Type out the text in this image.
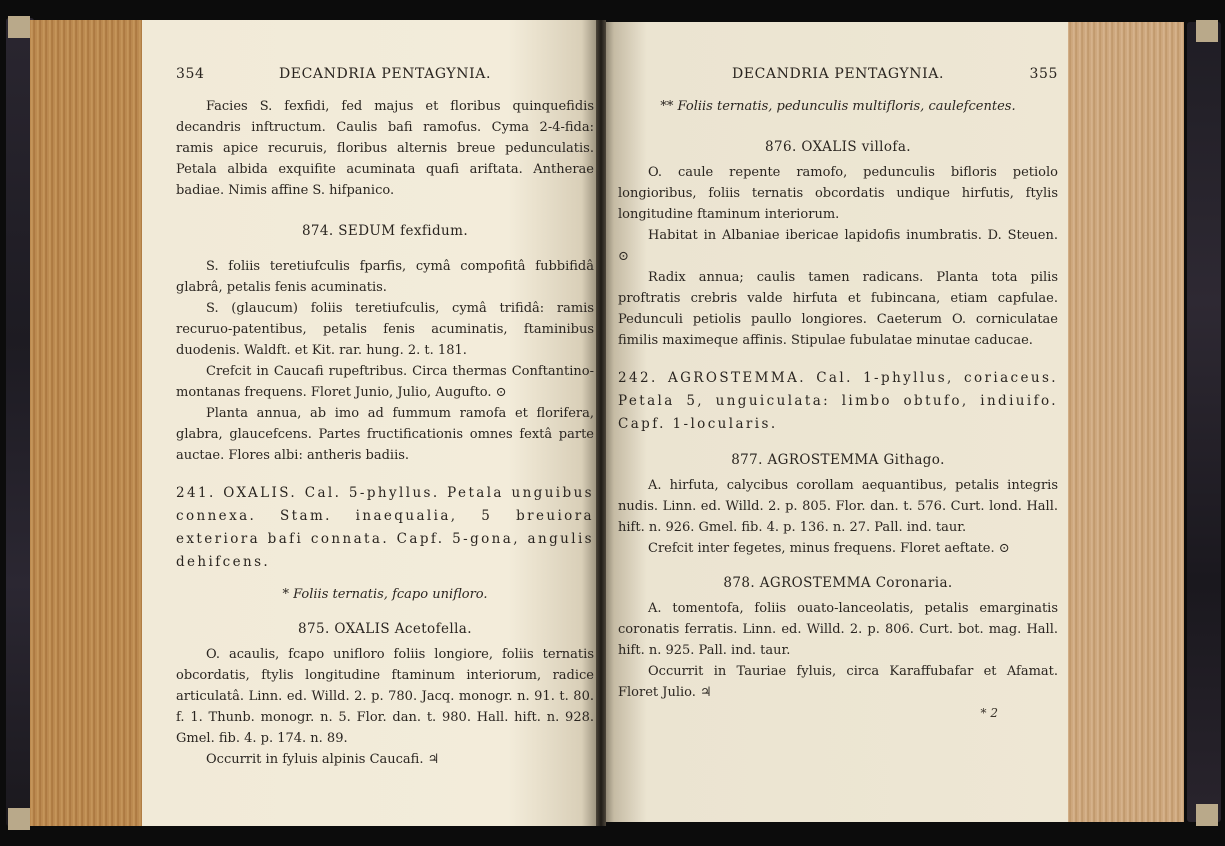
354	DECANDRIA PENTAGYNIA.

Facies S. fexfidi, fed majus et floribus quinquefidis decandris inftructum. Caulis bafi ramofus. Cyma 2-4-fida: ramis apice recuruis, floribus alternis breue pedunculatis. Petala albida exquifite acuminata quafi ariftata. Antherae badiae. Nimis affine S. hifpanico.

874. SEDUM fexfidum.

S. foliis teretiufculis fparfis, cymâ compofitâ fubbifidâ glabrâ, petalis fenis acuminatis.

S. (glaucum) foliis teretiufculis, cymâ trifidâ: ramis recuruo-patentibus, petalis fenis acuminatis, ftaminibus duodenis. Waldft. et Kit. rar. hung. 2. t. 181.

Crefcit in Caucafi rupeftribus. Circa thermas Conftantino-montanas frequens. Floret Junio, Julio, Augufto. ⊙

Planta annua, ab imo ad fummum ramofa et florifera, glabra, glaucefcens. Partes fructificationis omnes fextâ parte auctae. Flores albi: antheris badiis.

241. OXALIS. Cal. 5-phyllus. Petala unguibus connexa. Stam. inaequalia, 5 breuiora exteriora bafi connata. Capf. 5-gona, angulis dehifcens.

* Foliis ternatis, fcapo unifloro.
875. OXALIS Acetofella.

O. acaulis, fcapo unifloro foliis longiore, foliis ternatis obcordatis, ftylis longitudine ftaminum interiorum, radice articulatâ. Linn. ed. Willd. 2. p. 780. Jacq. monogr. n. 91. t. 80. f. 1. Thunb. monogr. n. 5. Flor. dan. t. 980. Hall. hift. n. 928. Gmel. fib. 4. p. 174. n. 89.

Occurrit in fyluis alpinis Caucafi. ♃

DECANDRIA PENTAGYNIA.	355
** Foliis ternatis, pedunculis multifloris, caulefcentes.
876. OXALIS villofa.

O. caule repente ramofo, pedunculis bifloris petiolo longioribus, foliis ternatis obcordatis undique hirfutis, ftylis longitudine ftaminum interiorum.

Habitat in Albaniae ibericae lapidofis inumbratis. D. Steuen. ⊙

Radix annua; caulis tamen radicans. Planta tota pilis proftratis crebris valde hirfuta et fubincana, etiam capfulae. Pedunculi petiolis paullo longiores. Caeterum O. corniculatae fimilis maximeque affinis. Stipulae fubulatae minutae caducae.

242. AGROSTEMMA. Cal. 1-phyllus, coriaceus. Petala 5, unguiculata: limbo obtufo, indiuifo. Capf. 1-locularis.

877. AGROSTEMMA Githago.

A. hirfuta, calycibus corollam aequantibus, petalis integris nudis. Linn. ed. Willd. 2. p. 805. Flor. dan. t. 576. Curt. lond. Hall. hift. n. 926. Gmel. fib. 4. p. 136. n. 27. Pall. ind. taur.

Crefcit inter fegetes, minus frequens. Floret aeftate. ⊙

878. AGROSTEMMA Coronaria.

A. tomentofa, foliis ouato-lanceolatis, petalis emarginatis coronatis ferratis. Linn. ed. Willd. 2. p. 806. Curt. bot. mag. Hall. hift. n. 925. Pall. ind. taur.

Occurrit in Tauriae fyluis, circa Karaffubafar et Afamat. Floret Julio. ♃

* 2
